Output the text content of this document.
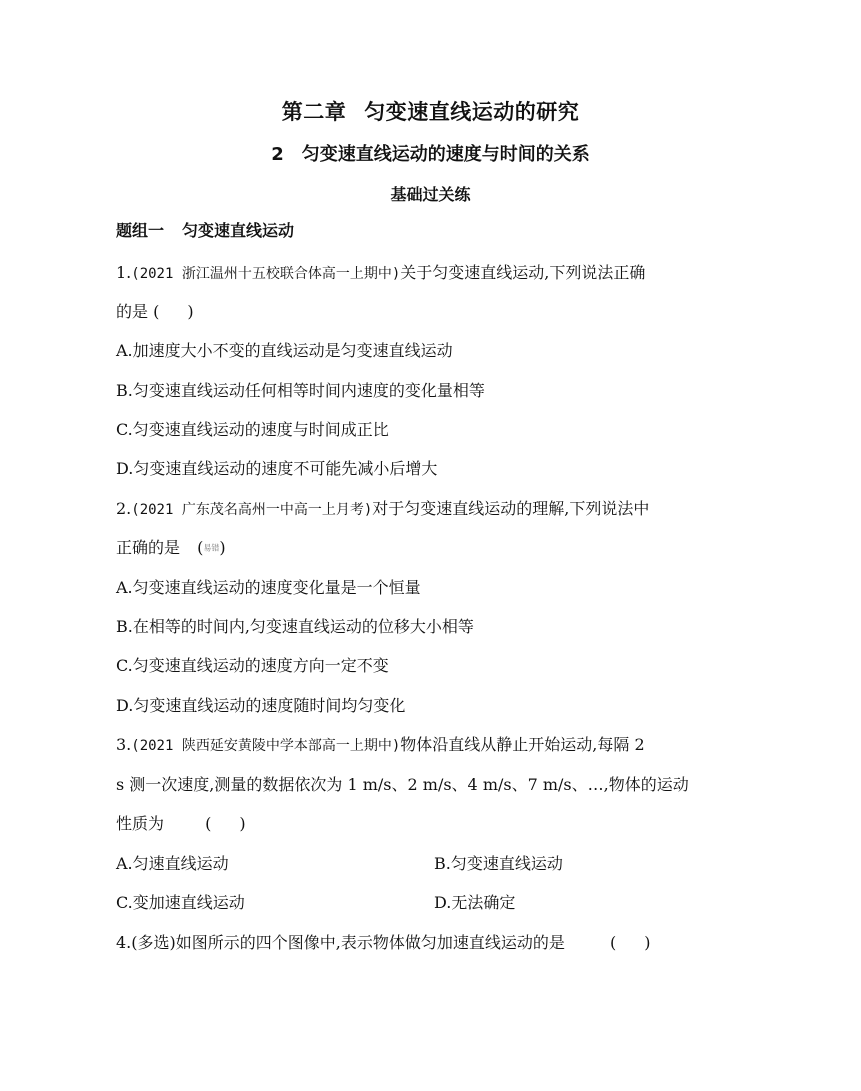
第二章 匀变速直线运动的研究
2 匀变速直线运动的速度与时间的关系
基础过关练
题组一 匀变速直线运动
1.(2021 浙江温州十五校联合体高一上期中)关于匀变速直线运动,下列说法正确
的是 ( )
A.加速度大小不变的直线运动是匀变速直线运动
B.匀变速直线运动任何相等时间内速度的变化量相等
C.匀变速直线运动的速度与时间成正比
D.匀变速直线运动的速度不可能先减小后增大
2.(2021 广东茂名高州一中高一上月考)对于匀变速直线运动的理解,下列说法中
正确的是 (易错)
A.匀变速直线运动的速度变化量是一个恒量
B.在相等的时间内,匀变速直线运动的位移大小相等
C.匀变速直线运动的速度方向一定不变
D.匀变速直线运动的速度随时间均匀变化
3.(2021 陕西延安黄陵中学本部高一上期中)物体沿直线从静止开始运动,每隔 2
s 测一次速度,测量的数据依次为 1 m/s、2 m/s、4 m/s、7 m/s、…,物体的运动
性质为	( )
A.匀速直线运动	B.匀变速直线运动
C.变加速直线运动	D.无法确定
4.(多选)如图所示的四个图像中,表示物体做匀加速直线运动的是	( )
